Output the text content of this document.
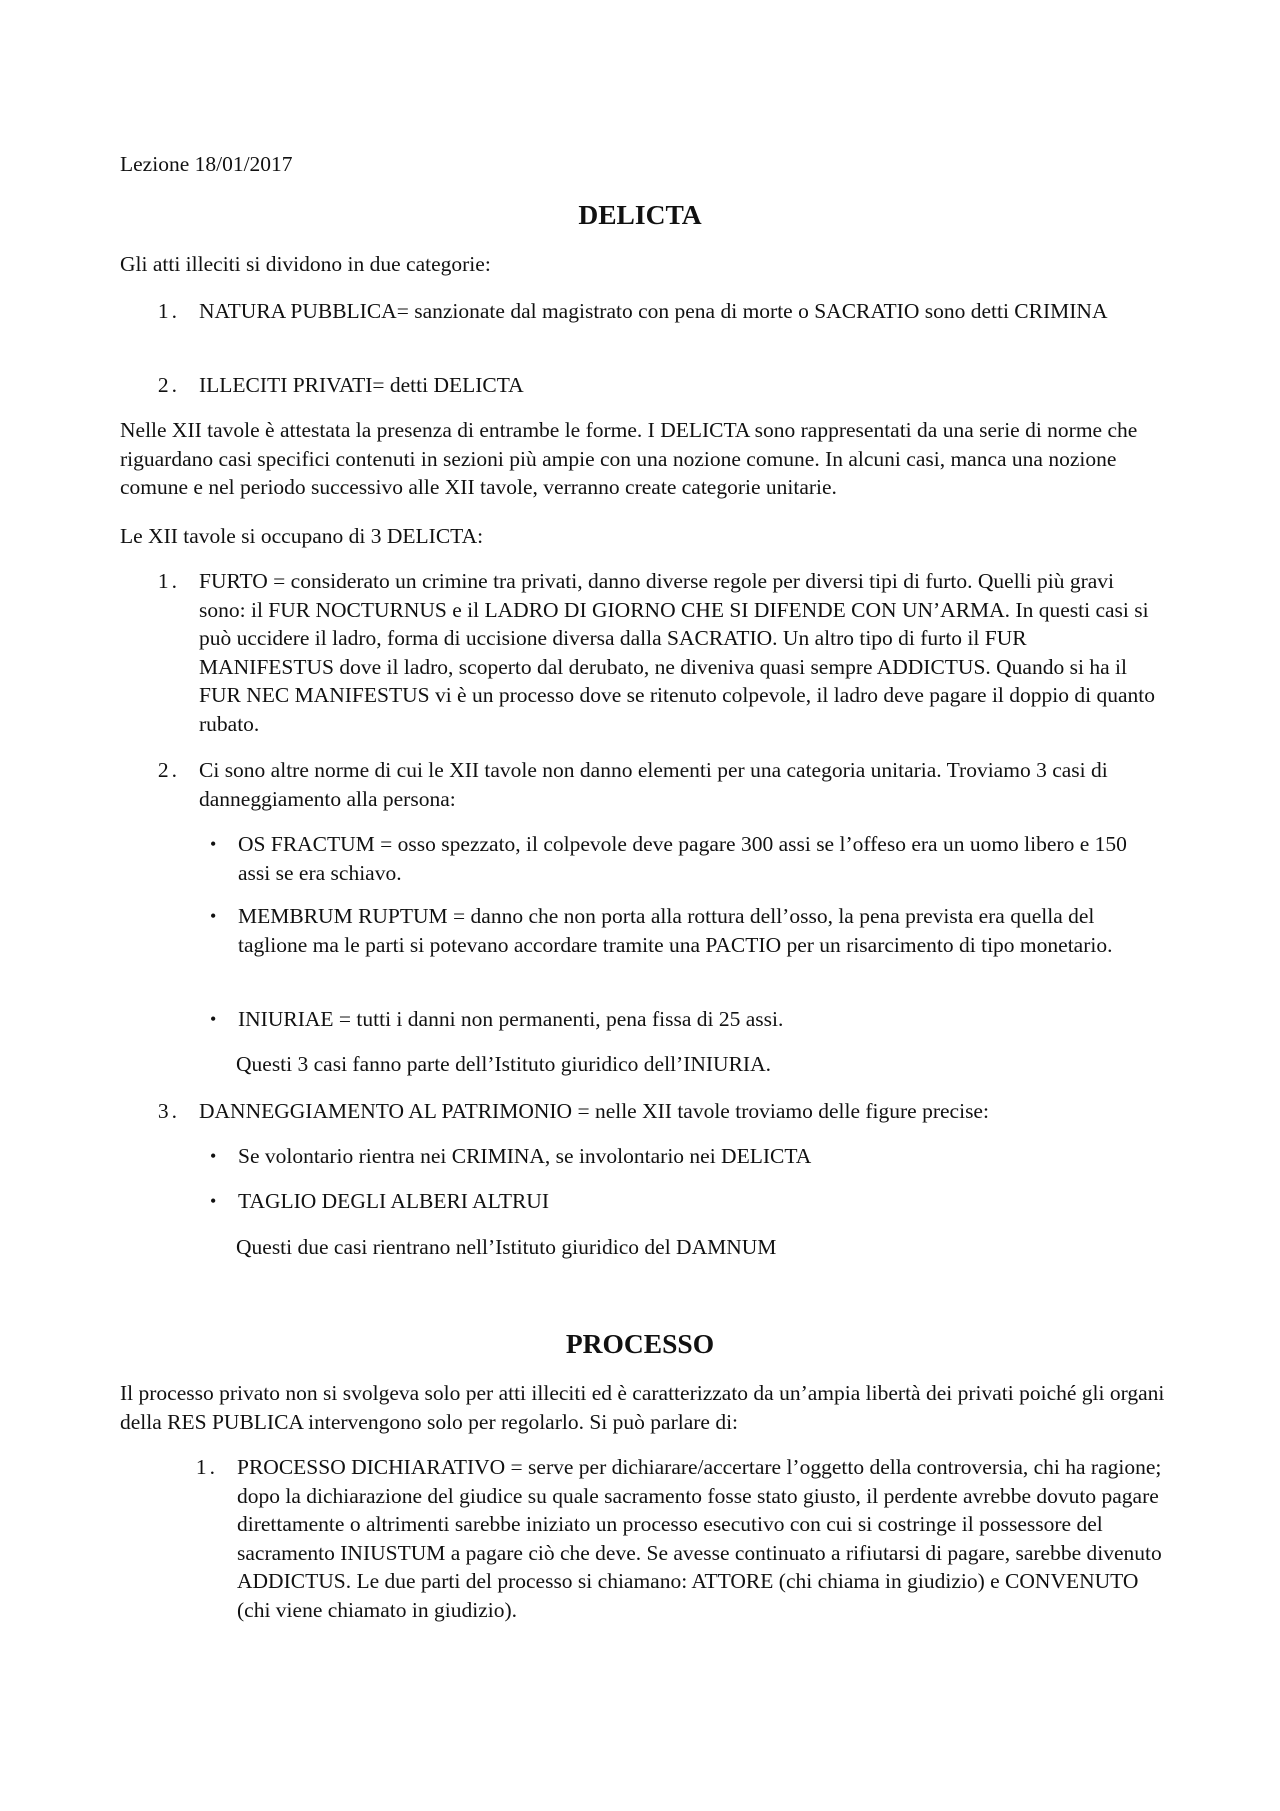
Lezione 18/01/2017

DELICTA

Gli atti illeciti si dividono in due categorie:

1. NATURA PUBBLICA= sanzionate dal magistrato con pena di morte o SACRATIO sono detti CRIMINA
2. ILLECITI PRIVATI= detti DELICTA

Nelle XII tavole è attestata la presenza di entrambe le forme. I DELICTA sono rappresentati da una serie di norme che riguardano casi specifici contenuti in sezioni più ampie con una nozione comune. In alcuni casi, manca una nozione comune e nel periodo successivo alle XII tavole, verranno create categorie unitarie.

Le XII tavole si occupano di 3 DELICTA:

1. FURTO = considerato un crimine tra privati, danno diverse regole per diversi tipi di furto. Quelli più gravi sono: il FUR NOCTURNUS e il LADRO DI GIORNO CHE SI DIFENDE CON UN’ARMA. In questi casi si può uccidere il ladro, forma di uccisione diversa dalla SACRATIO. Un altro tipo di furto il FUR MANIFESTUS dove il ladro, scoperto dal derubato, ne diveniva quasi sempre ADDICTUS. Quando si ha il FUR NEC MANIFESTUS vi è un processo dove se ritenuto colpevole, il ladro deve pagare il doppio di quanto rubato.
2. Ci sono altre norme di cui le XII tavole non danno elementi per una categoria unitaria. Troviamo 3 casi di danneggiamento alla persona:
•	OS FRACTUM = osso spezzato, il colpevole deve pagare 300 assi se l’offeso era un uomo libero e 150 assi se era schiavo.
•	MEMBRUM RUPTUM = danno che non porta alla rottura dell’osso, la pena prevista era quella del taglione ma le parti si potevano accordare tramite una PACTIO per un risarcimento di tipo monetario.
•	INIURIAE = tutti i danni non permanenti, pena fissa di 25 assi.

Questi 3 casi fanno parte dell’Istituto giuridico dell’INIURIA.

3. DANNEGGIAMENTO AL PATRIMONIO = nelle XII tavole troviamo delle figure precise:
•	Se volontario rientra nei CRIMINA, se involontario nei DELICTA
•	TAGLIO DEGLI ALBERI ALTRUI

Questi due casi rientrano nell’Istituto giuridico del DAMNUM

PROCESSO

Il processo privato non si svolgeva solo per atti illeciti ed è caratterizzato da un’ampia libertà dei privati poiché gli organi della RES PUBLICA intervengono solo per regolarlo. Si può parlare di:

1. PROCESSO DICHIARATIVO = serve per dichiarare/accertare l’oggetto della controversia, chi ha ragione; dopo la dichiarazione del giudice su quale sacramento fosse stato giusto, il perdente avrebbe dovuto pagare direttamente o altrimenti sarebbe iniziato un processo esecutivo con cui si costringe il possessore del sacramento INIUSTUM a pagare ciò che deve. Se avesse continuato a rifiutarsi di pagare, sarebbe divenuto ADDICTUS. Le due parti del processo si chiamano: ATTORE (chi chiama in giudizio) e CONVENUTO (chi viene chiamato in giudizio).
